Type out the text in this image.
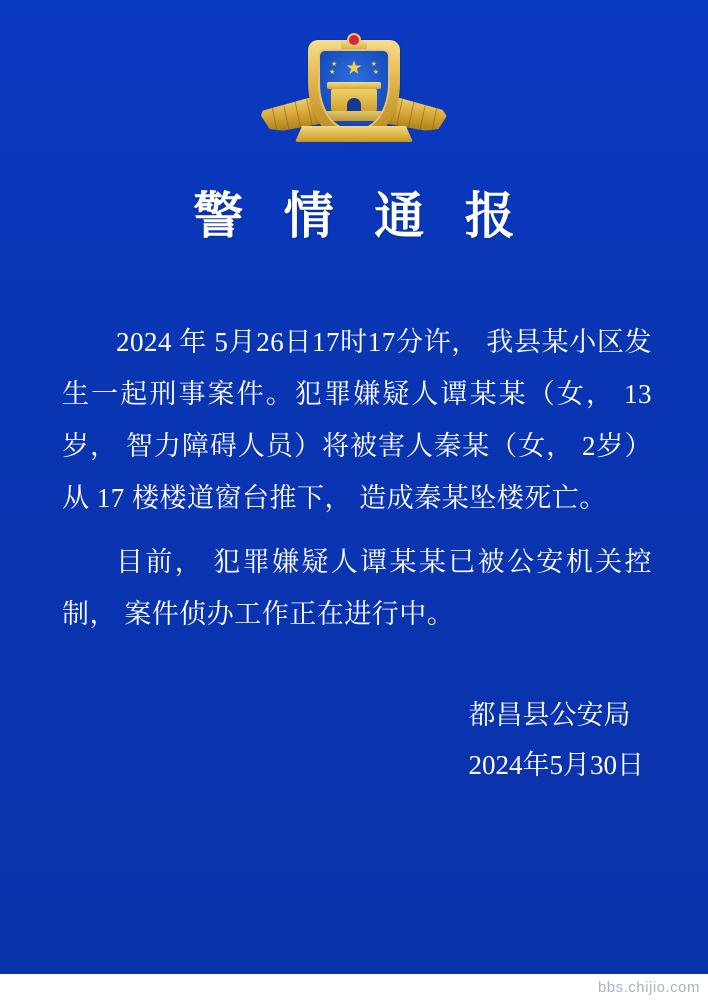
★
★
★
★
★
警 情 通 报

2024 年 5月26日17时17分许， 我县某小区发生一起刑事案件。犯罪嫌疑人谭某某（女， 13岁， 智力障碍人员）将被害人秦某（女， 2岁）从 17 楼楼道窗台推下， 造成秦某坠楼死亡。

目前， 犯罪嫌疑人谭某某已被公安机关控制， 案件侦办工作正在进行中。

都昌县公安局
2024年5月30日
bbs.chijio.com
